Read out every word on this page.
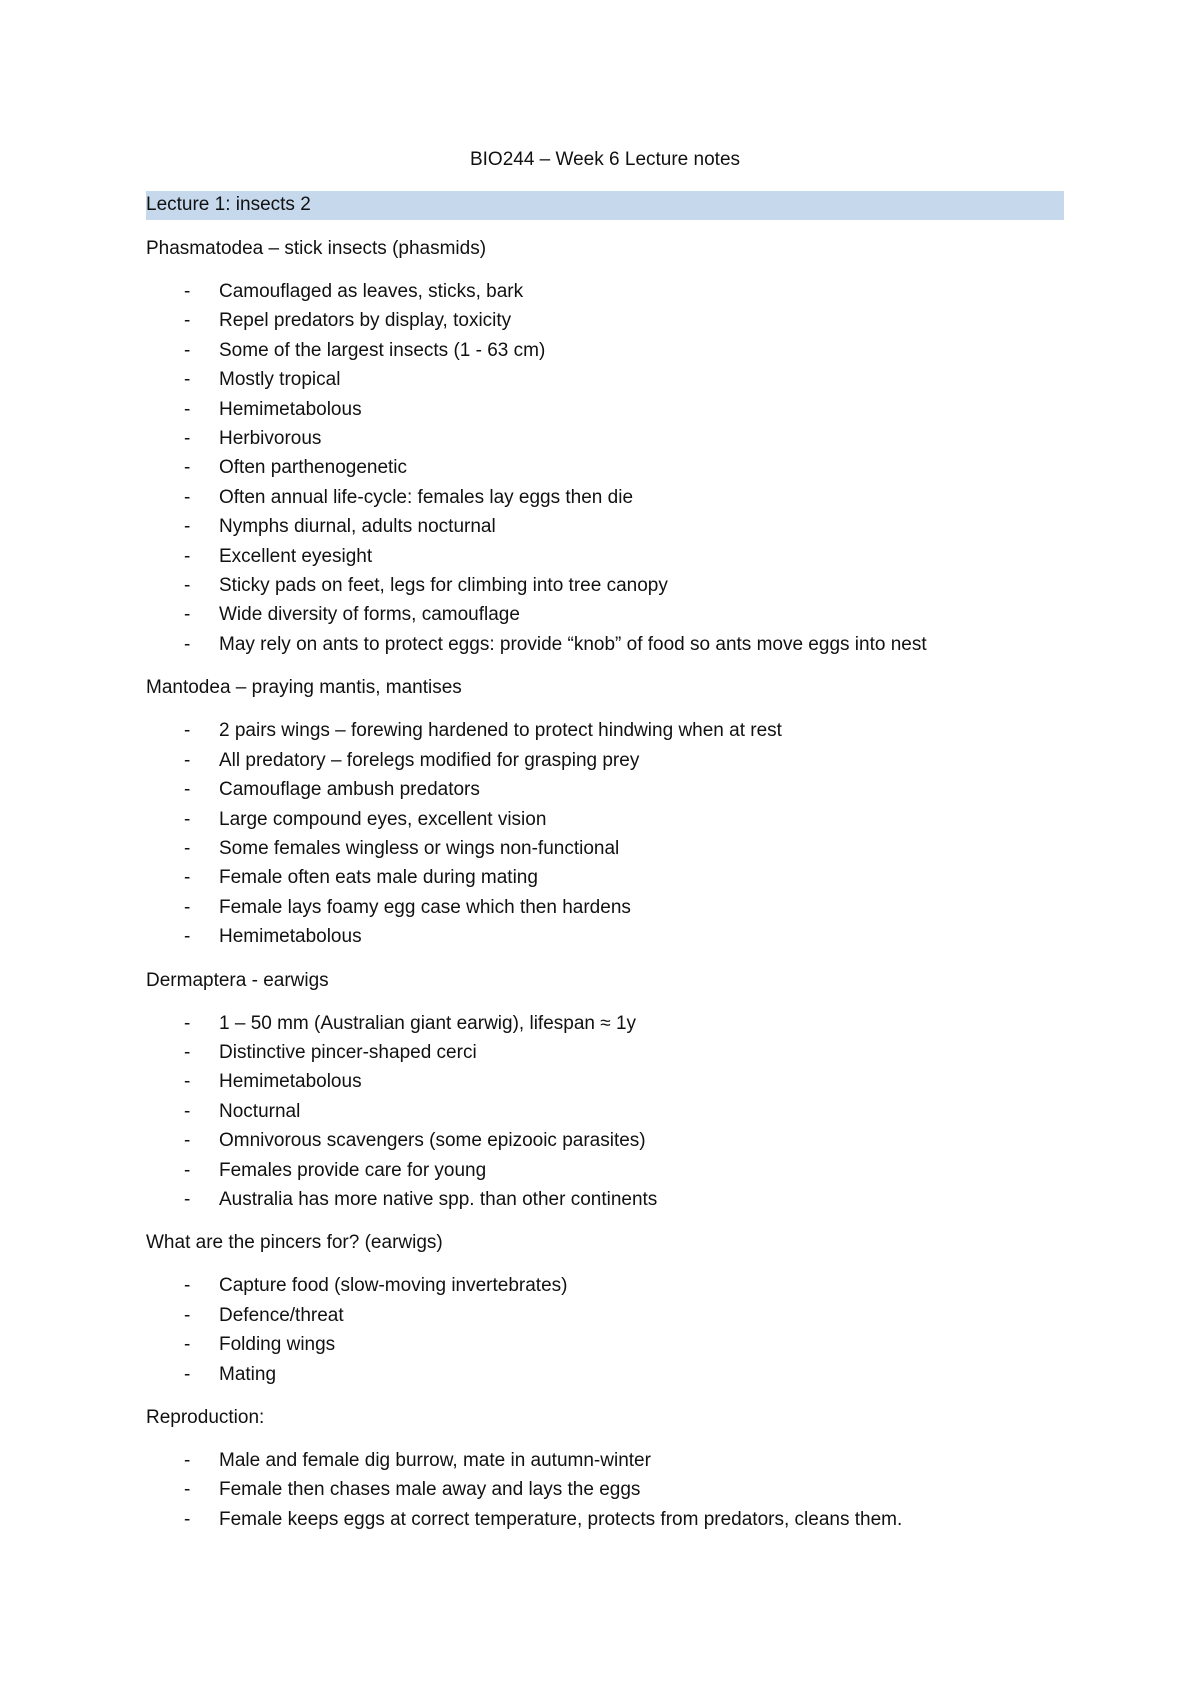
BIO244 – Week 6 Lecture notes
Lecture 1: insects 2
Phasmatodea – stick insects (phasmids)
- Camouflaged as leaves, sticks, bark
- Repel predators by display, toxicity
- Some of the largest insects (1 - 63 cm)
- Mostly tropical
- Hemimetabolous
- Herbivorous
- Often parthenogenetic
- Often annual life-cycle: females lay eggs then die
- Nymphs diurnal, adults nocturnal
- Excellent eyesight
- Sticky pads on feet, legs for climbing into tree canopy
- Wide diversity of forms, camouflage
- May rely on ants to protect eggs: provide “knob” of food so ants move eggs into nest
Mantodea – praying mantis, mantises
- 2 pairs wings – forewing hardened to protect hindwing when at rest
- All predatory – forelegs modified for grasping prey
- Camouflage ambush predators
- Large compound eyes, excellent vision
- Some females wingless or wings non-functional
- Female often eats male during mating
- Female lays foamy egg case which then hardens
- Hemimetabolous
Dermaptera - earwigs
- 1 – 50 mm (Australian giant earwig), lifespan ≈ 1y
- Distinctive pincer-shaped cerci
- Hemimetabolous
- Nocturnal
- Omnivorous scavengers (some epizooic parasites)
- Females provide care for young
- Australia has more native spp. than other continents
What are the pincers for? (earwigs)
- Capture food (slow-moving invertebrates)
- Defence/threat
- Folding wings
- Mating
Reproduction:
- Male and female dig burrow, mate in autumn-winter
- Female then chases male away and lays the eggs
- Female keeps eggs at correct temperature, protects from predators, cleans them.
